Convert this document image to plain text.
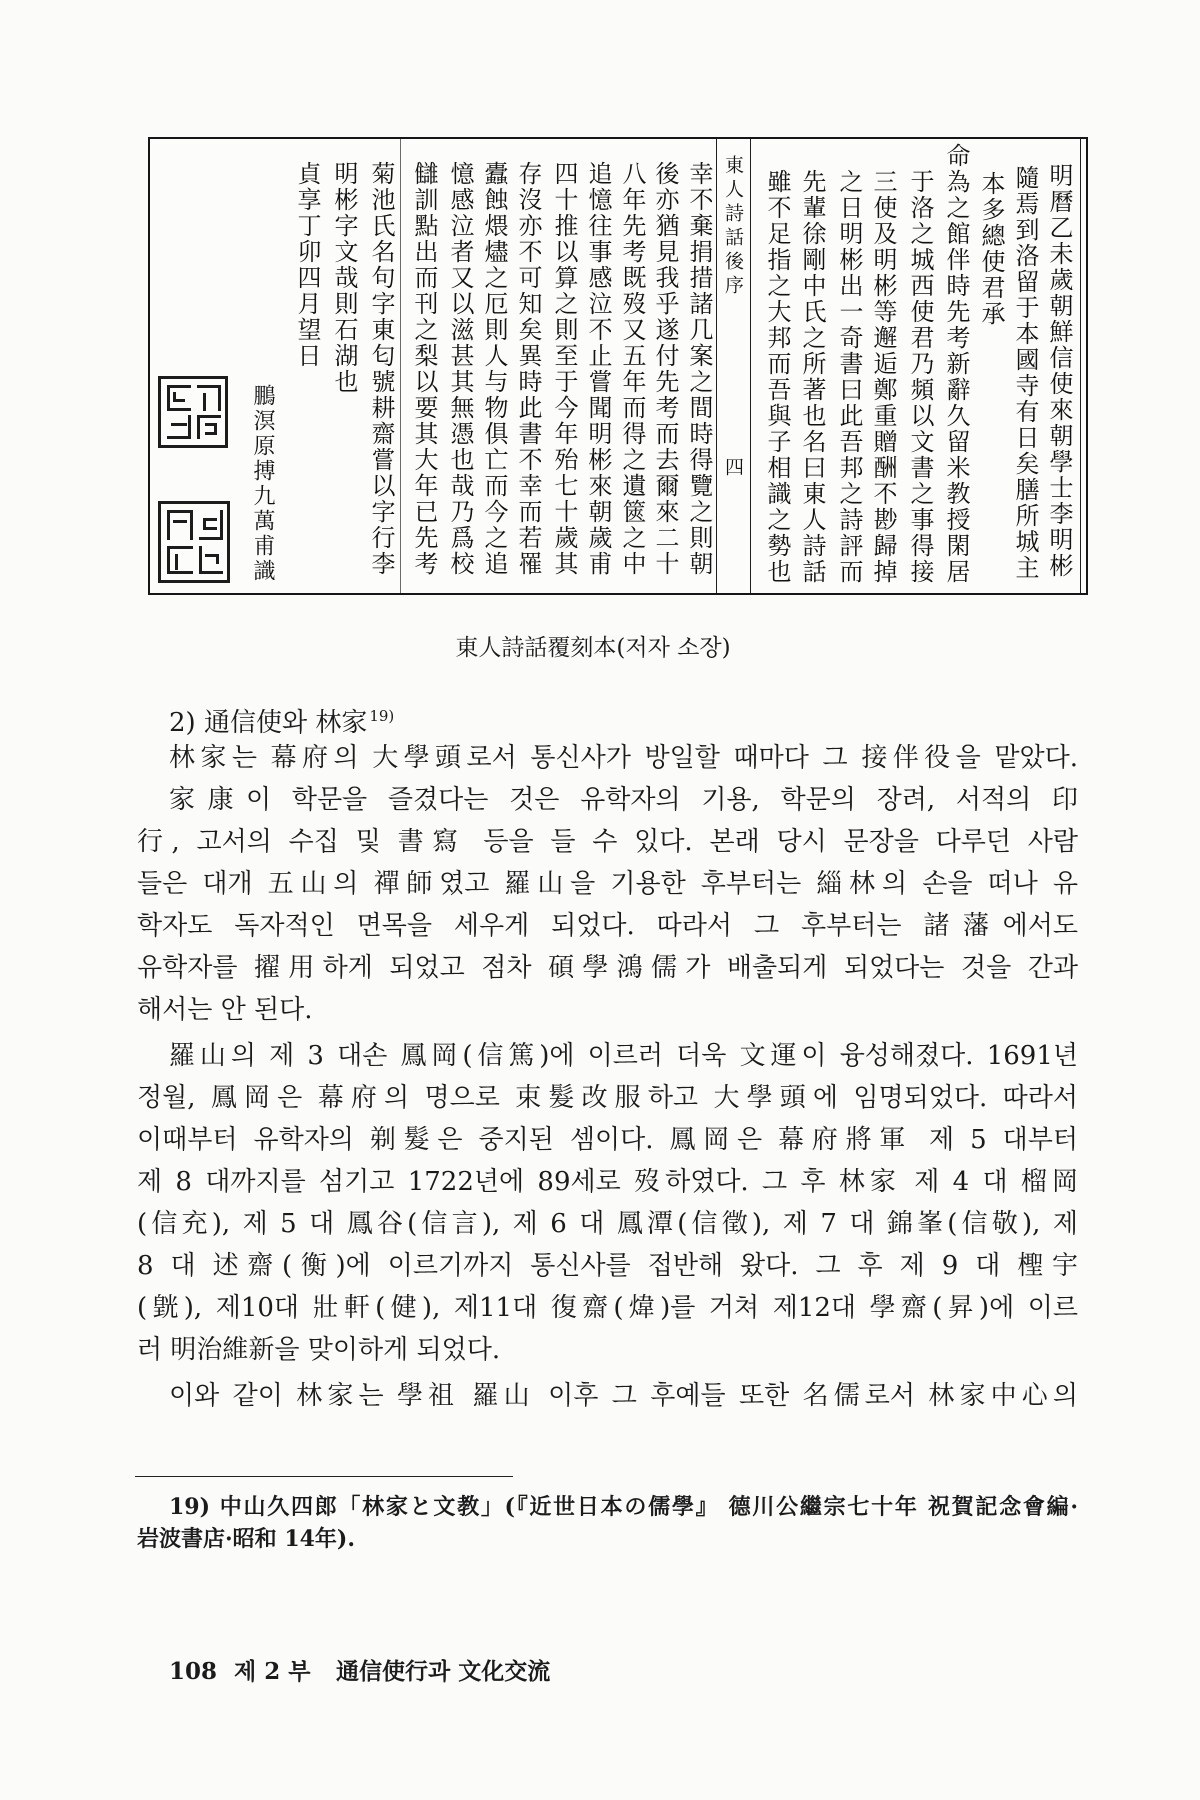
明曆乙未歲朝鮮信使來朝學士李明彬
隨焉到洛留于本國寺有日矣膳所城主
本多總使君承
命為之館伴時先考新辭久留米教授閑居
于洛之城西使君乃頻以文書之事得接
三使及明彬等邂逅鄭重贈酬不尠歸掉
之日明彬出一奇書曰此吾邦之詩評而
先輩徐剛中氏之所著也名曰東人詩話
雖不足指之大邦而吾與子相識之勢也
東人詩話後序
四
幸不棄捐措諸几案之間時得覽之則朝
後亦猶見我乎遂付先考而去爾來二十
八年先考既歿又五年而得之遺篋之中
追憶往事感泣不止嘗聞明彬來朝歲甫
四十推以算之則至于今年殆七十歲其
存沒亦不可知矣異時此書不幸而若罹
蠹蝕煨燼之厄則人与物俱亡而今之追
憶感泣者又以滋甚其無憑也哉乃爲校
讎訓點出而刊之梨以要其大年已先考
菊池氏名句字東匂號耕齋嘗以字行李
明彬字文哉則石湖也
貞享丁卯四月望日
鵬溟原搏九萬甫識
東人詩話覆刻本(저자 소장)
2) 通信使와 林家 $^{19)}$
林家는 幕府의 大學頭로서 통신사가 방일할 때마다 그 接伴役을 맡았다.
家康이 학문을 즐겼다는 것은 유학자의 기용, 학문의 장려, 서적의 印
行, 고서의 수집 및 書寫 등을 들 수 있다. 본래 당시 문장을 다루던 사람
들은 대개 五山의 禪師였고 羅山을 기용한 후부터는 緇林의 손을 떠나 유
학자도 독자적인 면목을 세우게 되었다. 따라서 그 후부터는 諸藩에서도
유학자를 擢用하게 되었고 점차 碩學鴻儒가 배출되게 되었다는 것을 간과
해서는 안 된다.
羅山의 제 3 대손 鳳岡(信篤)에 이르러 더욱 文運이 융성해졌다. 1691년
정월, 鳳岡은 幕府의 명으로 束髮改服하고 大學頭에 임명되었다. 따라서
이때부터 유학자의 剃髮은 중지된 셈이다. 鳳岡은 幕府將軍 제 5 대부터
제 8 대까지를 섬기고 1722년에 89세로 歿하였다. 그 후 林家 제 4 대 榴岡
(信充), 제 5 대 鳳谷(信言), 제 6 대 鳳潭(信徵), 제 7 대 錦峯(信敬), 제
8 대 述齋(衡)에 이르기까지 통신사를 접반해 왔다. 그 후 제 9 대 檉宇
(皝), 제10대 壯軒(健), 제11대 復齋(煒)를 거쳐 제12대 學齋(昇)에 이르
러 明治維新을 맞이하게 되었다.
이와 같이 林家는 學祖 羅山 이후 그 후예들 또한 名儒로서 林家中心의
19) 中山久四郎「林家と文教」(『近世日本の儒學』 德川公繼宗七十年 祝賀記念會編·
岩波書店·昭和 14年).
108 제 2 부 通信使行과 文化交流
